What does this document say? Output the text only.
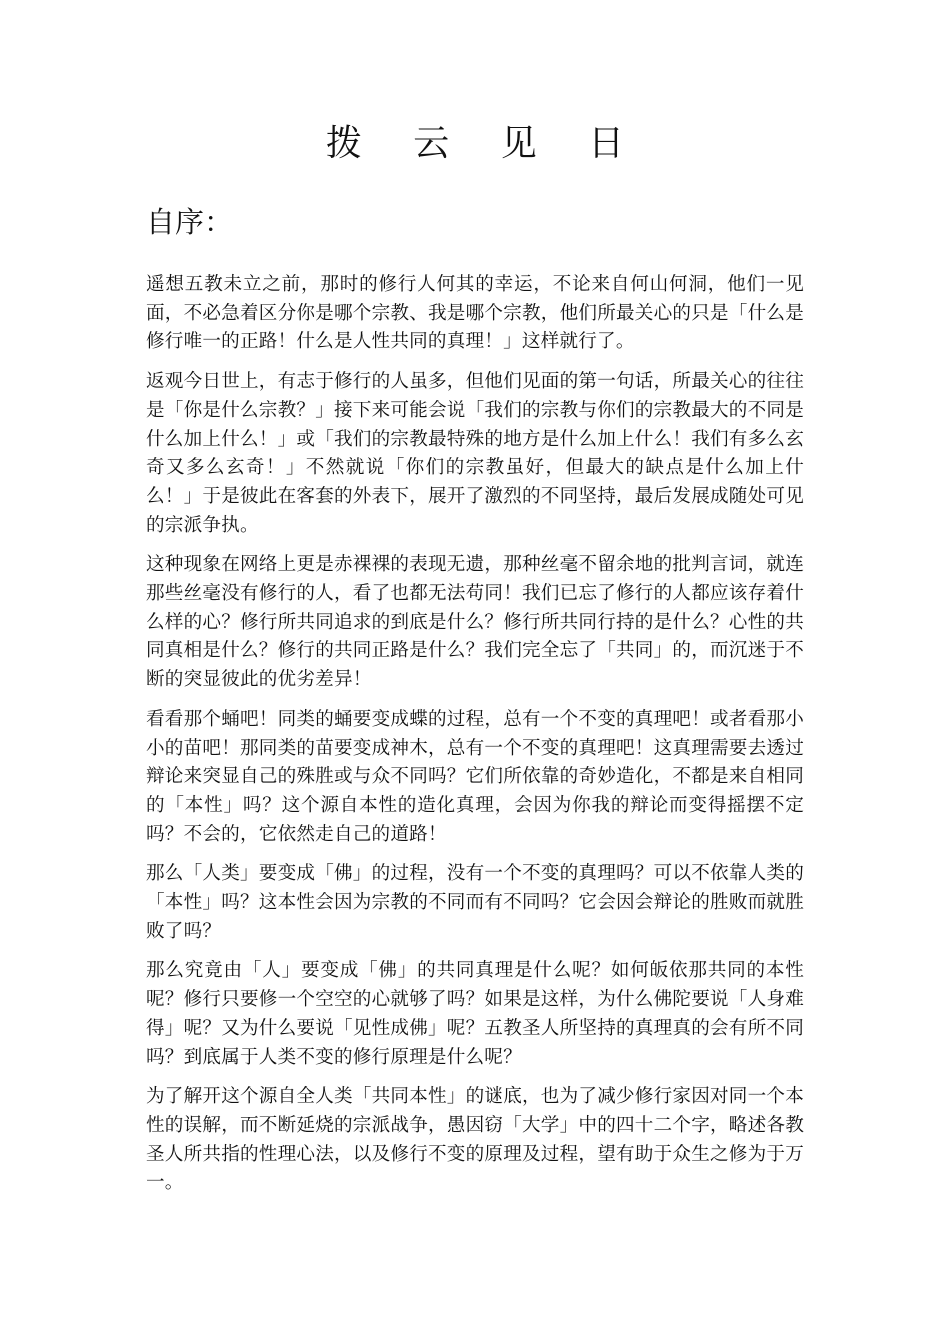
拨 云 见 日
自序：

遥想五教未立之前，那时的修行人何其的幸运，不论来自何山何洞，他们一见面，不必急着区分你是哪个宗教、我是哪个宗教，他们所最关心的只是「什么是修行唯一的正路！什么是人性共同的真理！」这样就行了。

返观今日世上，有志于修行的人虽多，但他们见面的第一句话，所最关心的往往是「你是什么宗教？」接下来可能会说「我们的宗教与你们的宗教最大的不同是什么加上什么！」或「我们的宗教最特殊的地方是什么加上什么！我们有多么玄奇又多么玄奇！」不然就说「你们的宗教虽好，但最大的缺点是什么加上什么！」于是彼此在客套的外表下，展开了激烈的不同坚持，最后发展成随处可见的宗派争执。

这种现象在网络上更是赤裸裸的表现无遗，那种丝毫不留余地的批判言词，就连那些丝毫没有修行的人，看了也都无法苟同！我们已忘了修行的人都应该存着什么样的心？修行所共同追求的到底是什么？修行所共同行持的是什么？心性的共同真相是什么？修行的共同正路是什么？我们完全忘了「共同」的，而沉迷于不断的突显彼此的优劣差异！

看看那个蛹吧！同类的蛹要变成蝶的过程，总有一个不变的真理吧！或者看那小小的苗吧！那同类的苗要变成神木，总有一个不变的真理吧！这真理需要去透过辩论来突显自己的殊胜或与众不同吗？它们所依靠的奇妙造化，不都是来自相同的「本性」吗？这个源自本性的造化真理，会因为你我的辩论而变得摇摆不定吗？不会的，它依然走自己的道路！

那么「人类」要变成「佛」的过程，没有一个不变的真理吗？可以不依靠人类的「本性」吗？这本性会因为宗教的不同而有不同吗？它会因会辩论的胜败而就胜败了吗？

那么究竟由「人」要变成「佛」的共同真理是什么呢？如何皈依那共同的本性呢？修行只要修一个空空的心就够了吗？如果是这样，为什么佛陀要说「人身难得」呢？又为什么要说「见性成佛」呢？五教圣人所坚持的真理真的会有所不同吗？到底属于人类不变的修行原理是什么呢？

为了解开这个源自全人类「共同本性」的谜底，也为了减少修行家因对同一个本性的误解，而不断延烧的宗派战争，愚因窃「大学」中的四十二个字，略述各教圣人所共指的性理心法，以及修行不变的原理及过程，望有助于众生之修为于万一。
